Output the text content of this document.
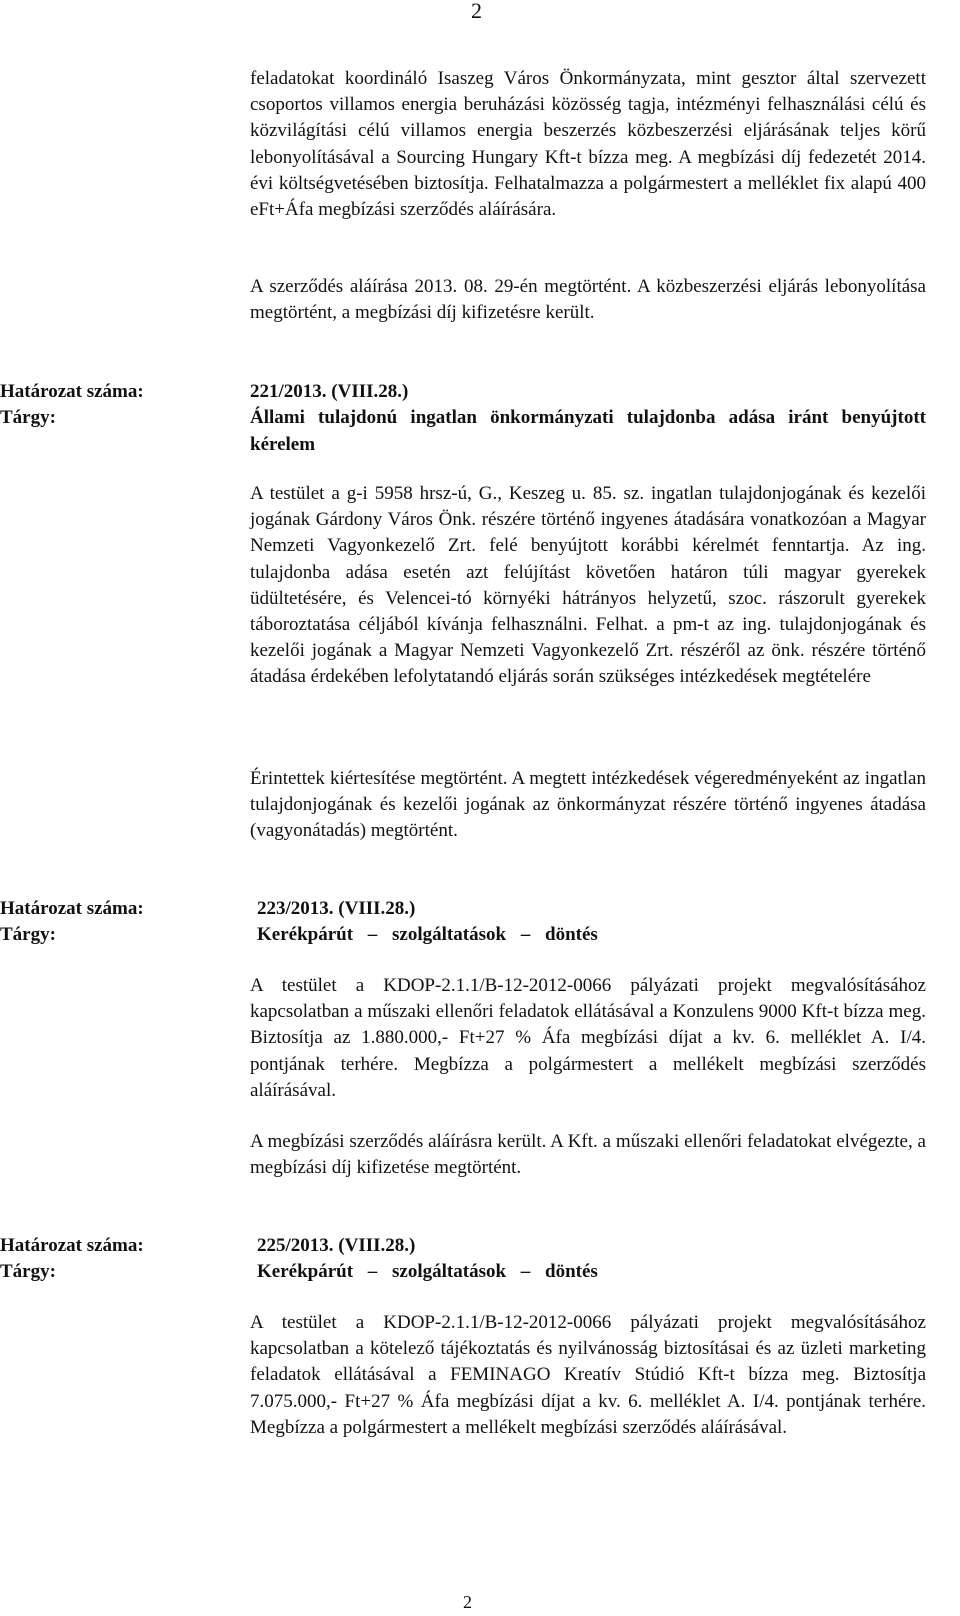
2

feladatokat koordináló Isaszeg Város Önkormányzata, mint gesztor által szervezett csoportos villamos energia beruházási közösség tagja, intézményi felhasználási célú és közvilágítási célú villamos energia beszerzés közbeszerzési eljárásának teljes körű lebonyolításával a Sourcing Hungary Kft-t bízza meg. A megbízási díj fedezetét 2014. évi költségvetésében biztosítja. Felhatalmazza a polgármestert a melléklet fix alapú 400 eFt+Áfa megbízási szerződés aláírására.

A szerződés aláírása 2013. 08. 29-én megtörtént. A közbeszerzési eljárás lebonyolítása megtörtént, a megbízási díj kifizetésre került.

Határozat száma:
Tárgy:
221/2013. (VIII.28.)
Állami tulajdonú ingatlan önkormányzati tulajdonba adása iránt benyújtott kérelem

A testület a g-i 5958 hrsz-ú, G., Keszeg u. 85. sz. ingatlan tulajdonjogának és kezelői jogának Gárdony Város Önk. részére történő ingyenes átadására vonatkozóan a Magyar Nemzeti Vagyonkezelő Zrt. felé benyújtott korábbi kérelmét fenntartja. Az ing. tulajdonba adása esetén azt felújítást követően határon túli magyar gyerekek üdültetésére, és Velencei-tó környéki hátrányos helyzetű, szoc. rászorult gyerekek táboroztatása céljából kívánja felhasználni. Felhat. a pm-t az ing. tulajdonjogának és kezelői jogának a Magyar Nemzeti Vagyonkezelő Zrt. részéről az önk. részére történő átadása érdekében lefolytatandó eljárás során szükséges intézkedések megtételére

Érintettek kiértesítése megtörtént. A megtett intézkedések végeredményeként az ingatlan tulajdonjogának és kezelői jogának az önkormányzat részére történő ingyenes átadása (vagyonátadás) megtörtént.

Határozat száma:
Tárgy:
223/2013. (VIII.28.)
Kerékpárút – szolgáltatások – döntés

A testület a KDOP-2.1.1/B-12-2012-0066 pályázati projekt megvalósításához kapcsolatban a műszaki ellenőri feladatok ellátásával a Konzulens 9000 Kft-t bízza meg. Biztosítja az 1.880.000,- Ft+27 % Áfa megbízási díjat a kv. 6. melléklet A. I/4. pontjának terhére. Megbízza a polgármestert a mellékelt megbízási szerződés aláírásával.

A megbízási szerződés aláírásra került. A Kft. a műszaki ellenőri feladatokat elvégezte, a megbízási díj kifizetése megtörtént.

Határozat száma:
Tárgy:
225/2013. (VIII.28.)
Kerékpárút – szolgáltatások – döntés

A testület a KDOP-2.1.1/B-12-2012-0066 pályázati projekt megvalósításához kapcsolatban a kötelező tájékoztatás és nyilvánosság biztosításai és az üzleti marketing feladatok ellátásával a FEMINAGO Kreatív Stúdió Kft-t bízza meg. Biztosítja 7.075.000,- Ft+27 % Áfa megbízási díjat a kv. 6. melléklet A. I/4. pontjának terhére. Megbízza a polgármestert a mellékelt megbízási szerződés aláírásával.

2
